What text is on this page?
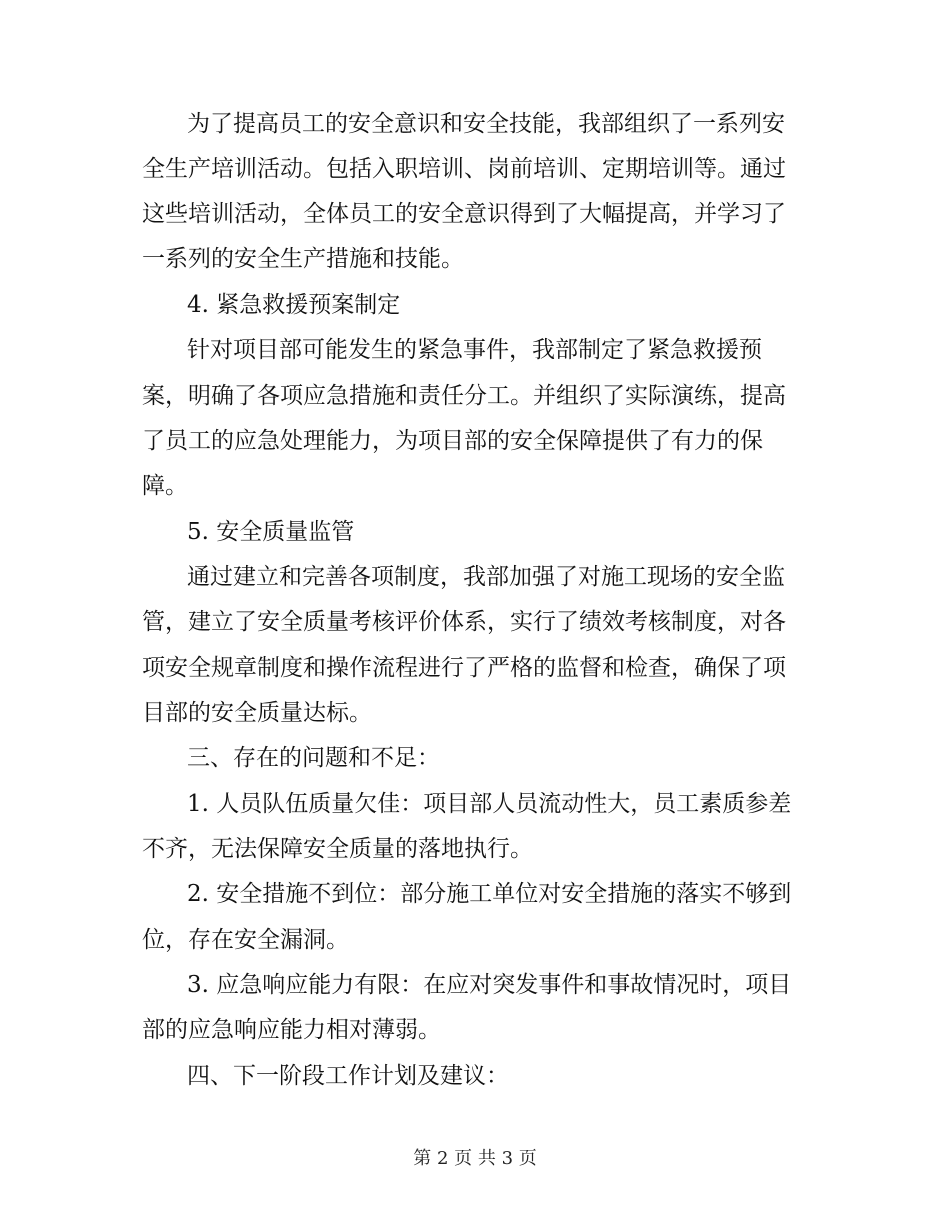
为了提高员工的安全意识和安全技能，我部组织了一系列安
全生产培训活动。包括入职培训、岗前培训、定期培训等。通过
这些培训活动，全体员工的安全意识得到了大幅提高，并学习了
一系列的安全生产措施和技能。
4. 紧急救援预案制定
针对项目部可能发生的紧急事件，我部制定了紧急救援预
案，明确了各项应急措施和责任分工。并组织了实际演练，提高
了员工的应急处理能力，为项目部的安全保障提供了有力的保
障。
5. 安全质量监管
通过建立和完善各项制度，我部加强了对施工现场的安全监
管，建立了安全质量考核评价体系，实行了绩效考核制度，对各
项安全规章制度和操作流程进行了严格的监督和检查，确保了项
目部的安全质量达标。
三、存在的问题和不足：
1. 人员队伍质量欠佳：项目部人员流动性大，员工素质参差
不齐，无法保障安全质量的落地执行。
2. 安全措施不到位：部分施工单位对安全措施的落实不够到
位，存在安全漏洞。
3. 应急响应能力有限：在应对突发事件和事故情况时，项目
部的应急响应能力相对薄弱。
四、下一阶段工作计划及建议：
第 2 页 共 3 页
